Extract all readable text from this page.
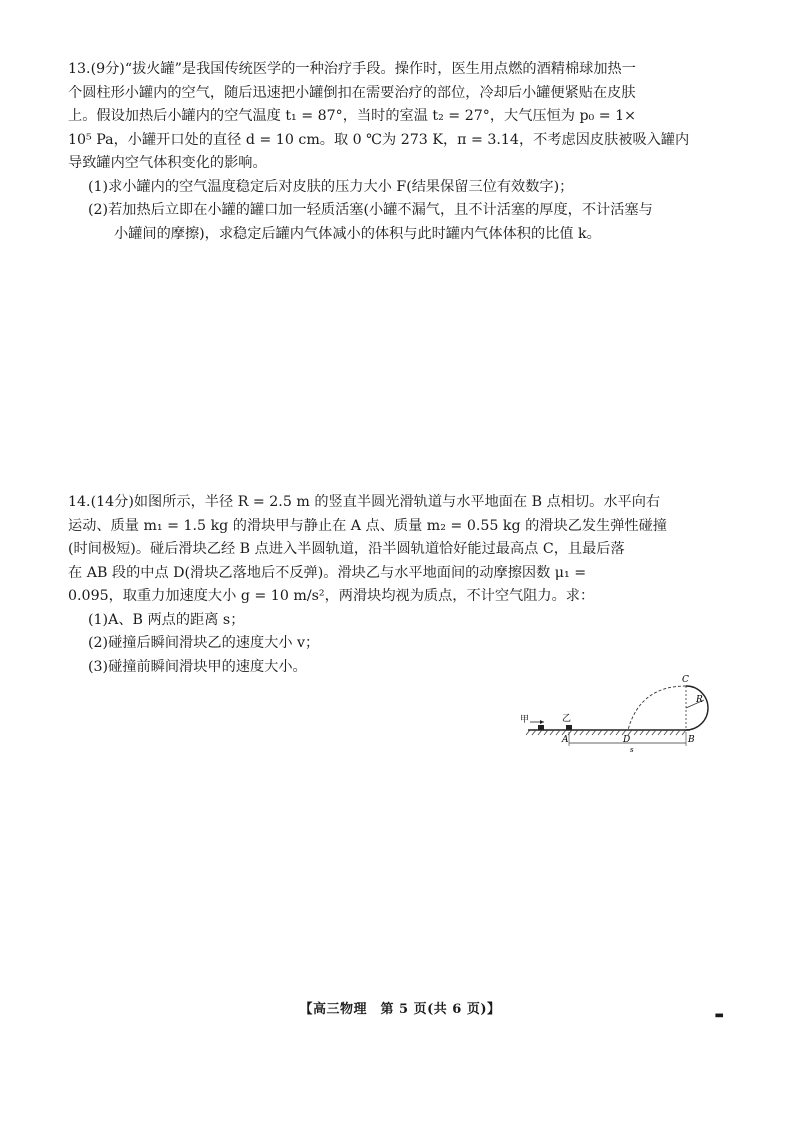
13.(9分)“拔火罐”是我国传统医学的一种治疗手段。操作时，医生用点燃的酒精棉球加热一
个圆柱形小罐内的空气，随后迅速把小罐倒扣在需要治疗的部位，冷却后小罐便紧贴在皮肤
上。假设加热后小罐内的空气温度 t₁ = 87°，当时的室温 t₂ = 27°，大气压恒为 p₀ = 1×
10⁵ Pa，小罐开口处的直径 d = 10 cm。取 0 ℃为 273 K，π = 3.14，不考虑因皮肤被吸入罐内
导致罐内空气体积变化的影响。
(1)求小罐内的空气温度稳定后对皮肤的压力大小 F(结果保留三位有效数字)；
(2)若加热后立即在小罐的罐口加一轻质活塞(小罐不漏气，且不计活塞的厚度，不计活塞与
小罐间的摩擦)，求稳定后罐内气体减小的体积与此时罐内气体体积的比值 k。
14.(14分)如图所示，半径 R = 2.5 m 的竖直半圆光滑轨道与水平地面在 B 点相切。水平向右
运动、质量 m₁ = 1.5 kg 的滑块甲与静止在 A 点、质量 m₂ = 0.55 kg 的滑块乙发生弹性碰撞
(时间极短)。碰后滑块乙经 B 点进入半圆轨道，沿半圆轨道恰好能过最高点 C，且最后落
在 AB 段的中点 D(滑块乙落地后不反弹)。滑块乙与水平地面间的动摩擦因数 μ₁ =
0.095，取重力加速度大小 g = 10 m/s²，两滑块均视为质点，不计空气阻力。求：
(1)A、B 两点的距离 s；
(2)碰撞后瞬间滑块乙的速度大小 v；
(3)碰撞前瞬间滑块甲的速度大小。
甲	乙
A	B
C
D
R
s
【高三物理　第 5 页(共 6 页)】	▬
